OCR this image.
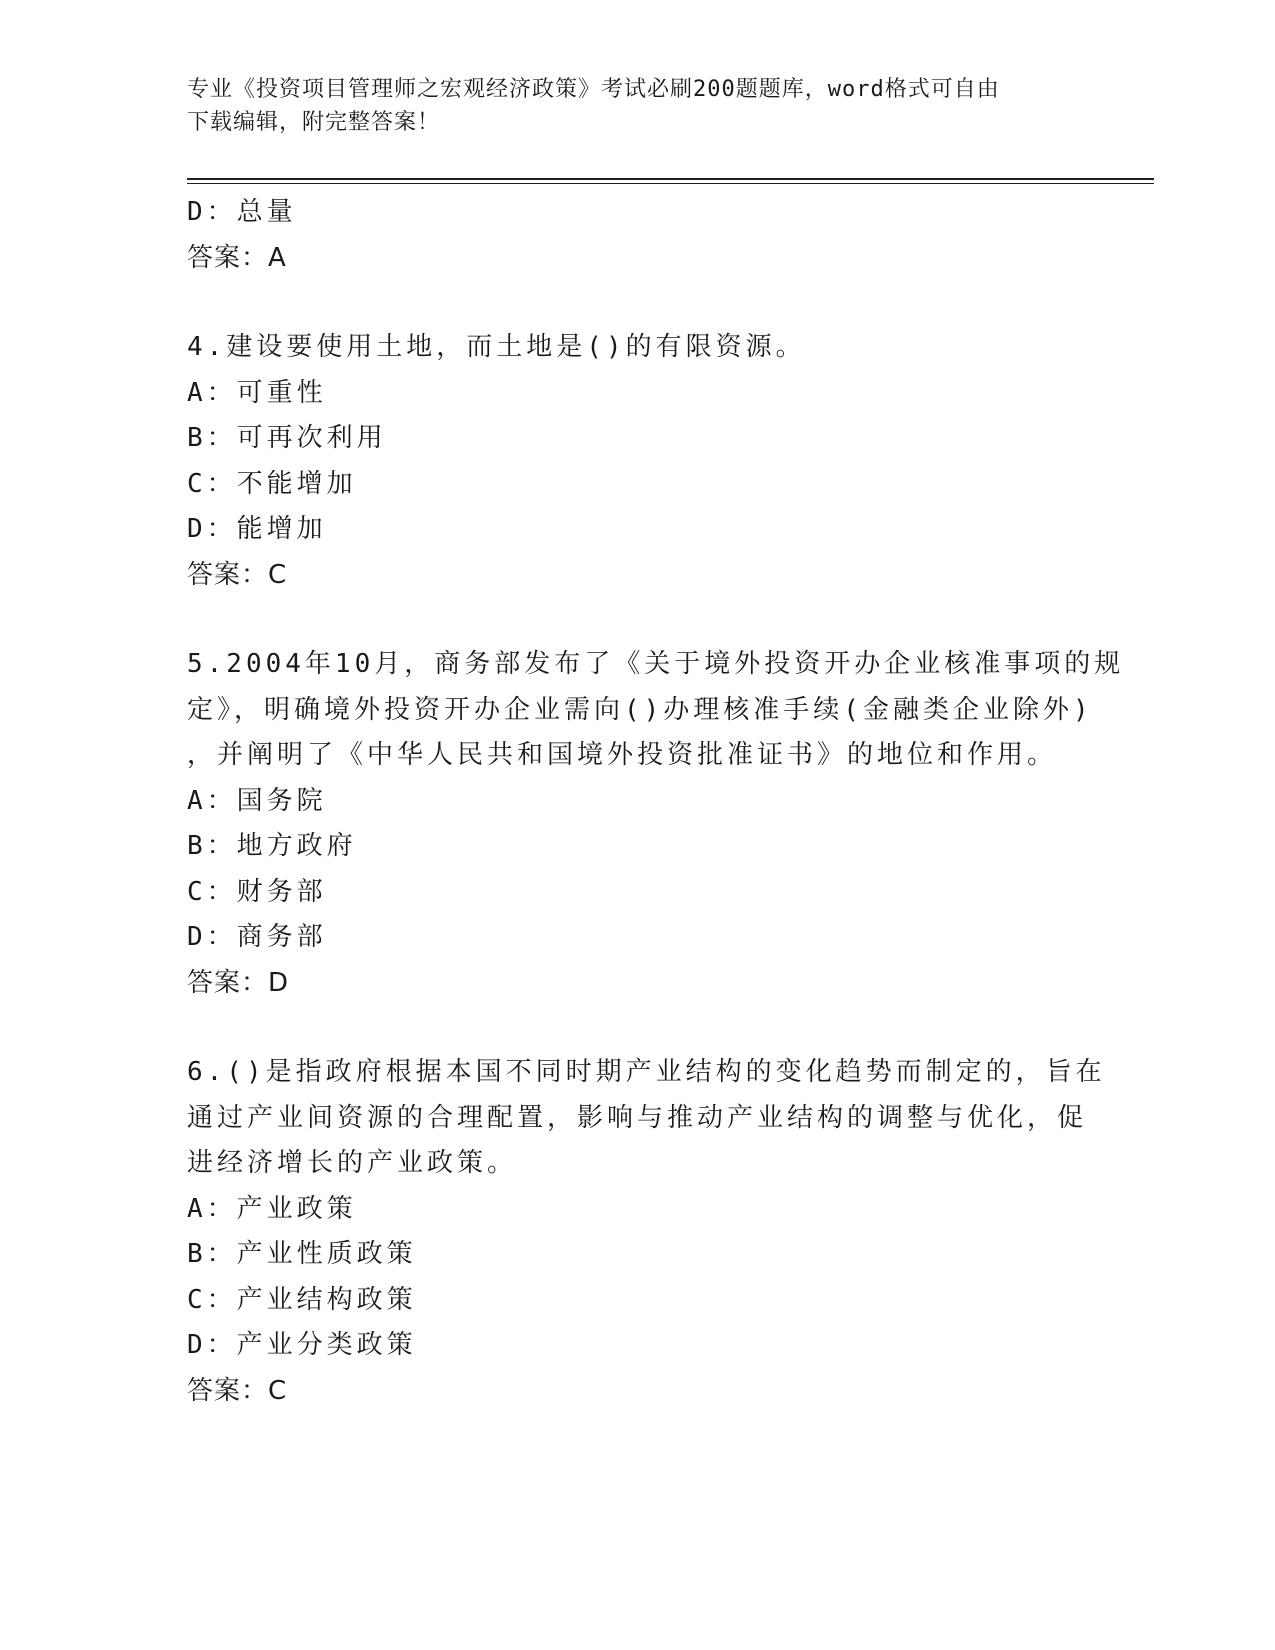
专业《投资项目管理师之宏观经济政策》考试必刷200题题库，word格式可自由
下载编辑，附完整答案！
D：总量
答案：A
4.建设要使用土地，而土地是()的有限资源。
A：可重性
B：可再次利用
C：不能增加
D：能增加
答案：C
5.2004年10月，商务部发布了《关于境外投资开办企业核准事项的规
定》，明确境外投资开办企业需向()办理核准手续(金融类企业除外)
，并阐明了《中华人民共和国境外投资批准证书》的地位和作用。
A：国务院
B：地方政府
C：财务部
D：商务部
答案：D
6.()是指政府根据本国不同时期产业结构的变化趋势而制定的，旨在
通过产业间资源的合理配置，影响与推动产业结构的调整与优化，促
进经济增长的产业政策。
A：产业政策
B：产业性质政策
C：产业结构政策
D：产业分类政策
答案：C
